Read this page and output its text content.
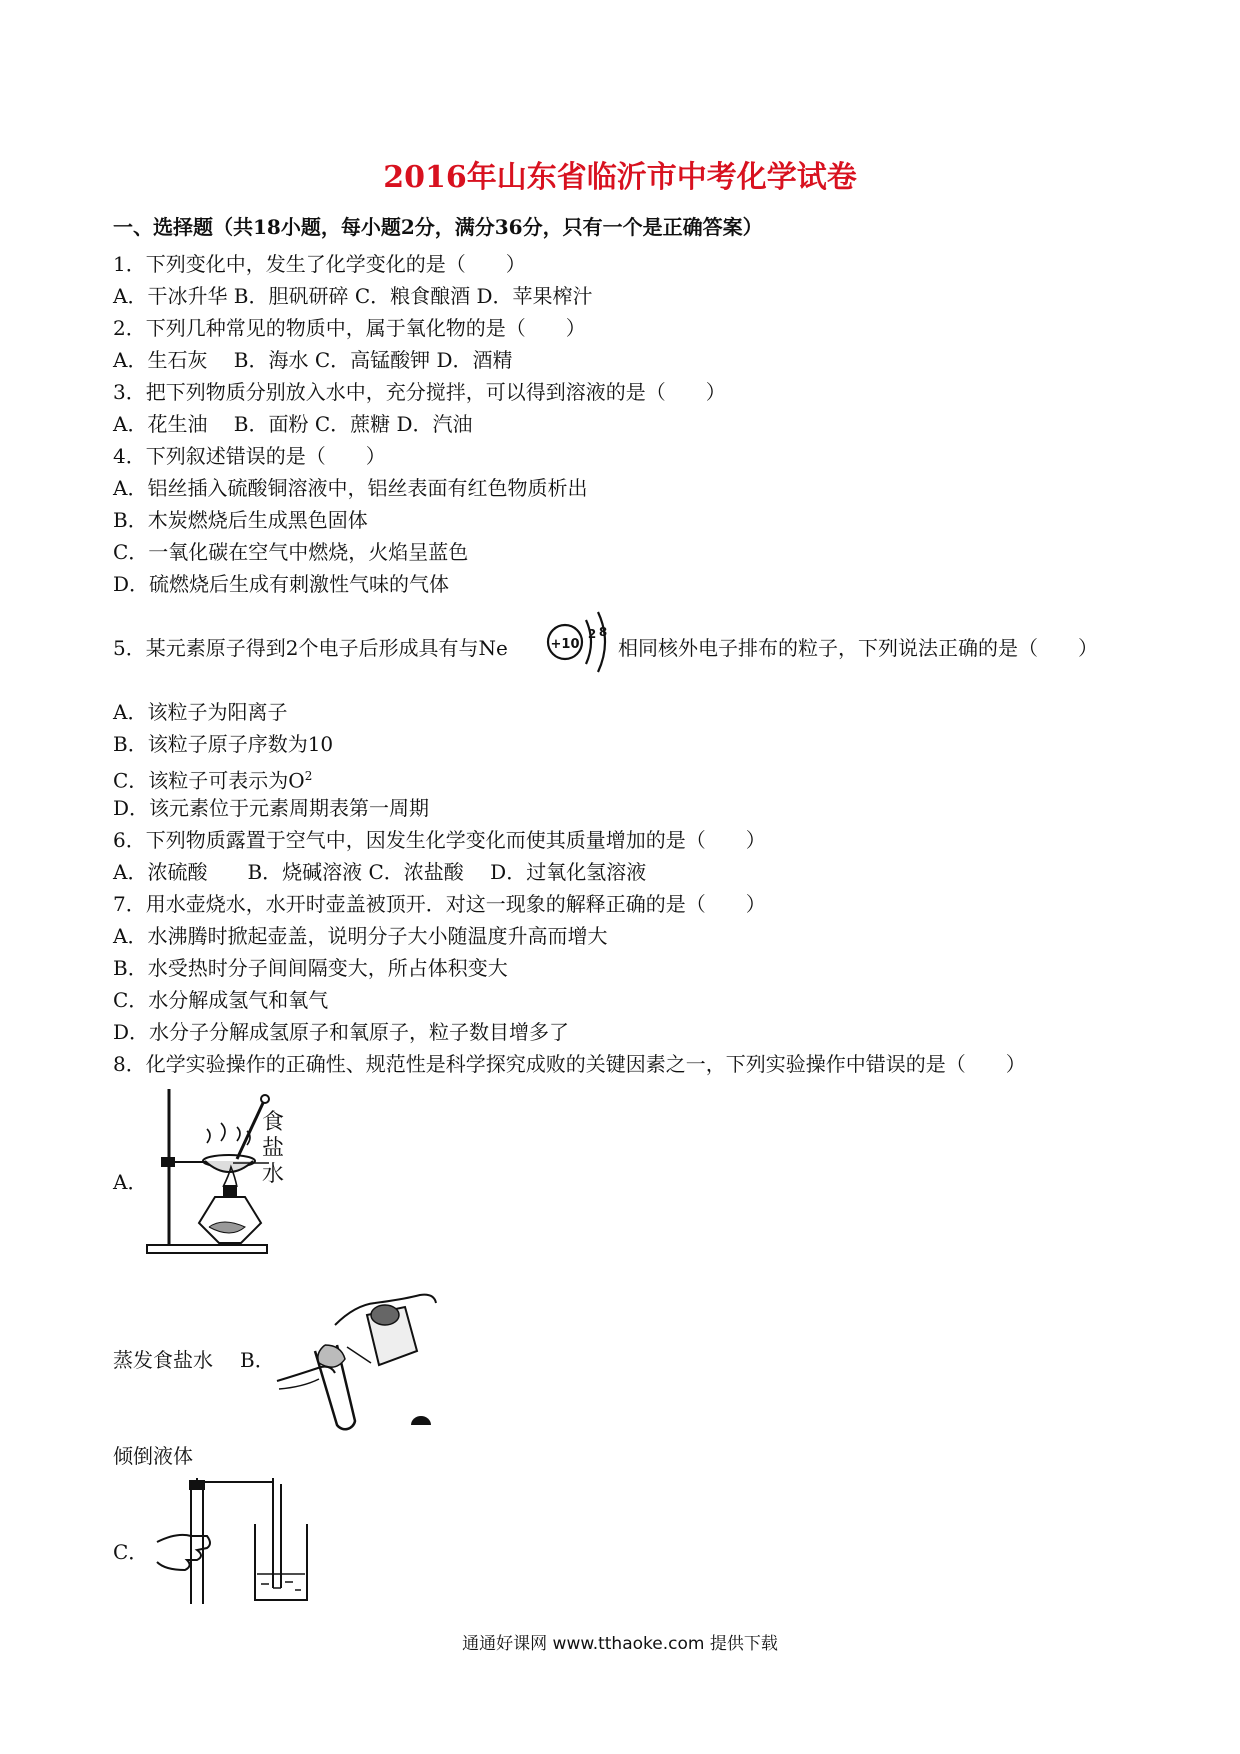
2016年山东省临沂市中考化学试卷
一、选择题（共18小题，每小题2分，满分36分，只有一个是正确答案）
1．下列变化中，发生了化学变化的是（　　）
A．干冰升华 B．胆矾研碎 C．粮食酿酒 D．苹果榨汁
2．下列几种常见的物质中，属于氧化物的是（　　）
A．生石灰　 B．海水 C．高锰酸钾 D．酒精
3．把下列物质分别放入水中，充分搅拌，可以得到溶液的是（　　）
A．花生油　 B．面粉 C．蔗糖 D．汽油
4．下列叙述错误的是（　　）
A．铝丝插入硫酸铜溶液中，铝丝表面有红色物质析出
B．木炭燃烧后生成黑色固体
C．一氧化碳在空气中燃烧，火焰呈蓝色
D．硫燃烧后生成有刺激性气味的气体
5．某元素原子得到2个电子后形成具有与Ne	+10
2 8
相同核外电子排布的粒子，下列说法正确的是（　　）
A．该粒子为阳离子
B．该粒子原子序数为10
C．该粒子可表示为$O^2$
D．该元素位于元素周期表第一周期
6．下列物质露置于空气中，因发生化学变化而使其质量增加的是（　　）
A．浓硫酸　　B．烧碱溶液 C．浓盐酸　 D．过氧化氢溶液
7．用水壶烧水，水开时壶盖被顶开．对这一现象的解释正确的是（　　）
A．水沸腾时掀起壶盖，说明分子大小随温度升高而增大
B．水受热时分子间间隔变大，所占体积变大
C．水分解成氢气和氧气
D．水分子分解成氢原子和氧原子，粒子数目增多了
8．化学实验操作的正确性、规范性是科学探究成败的关键因素之一，下列实验操作中错误的是（　　）
A．
食
盐
水
蒸发食盐水 B．
倾倒液体
C．
通通好课网 www.tthaoke.com 提供下载
